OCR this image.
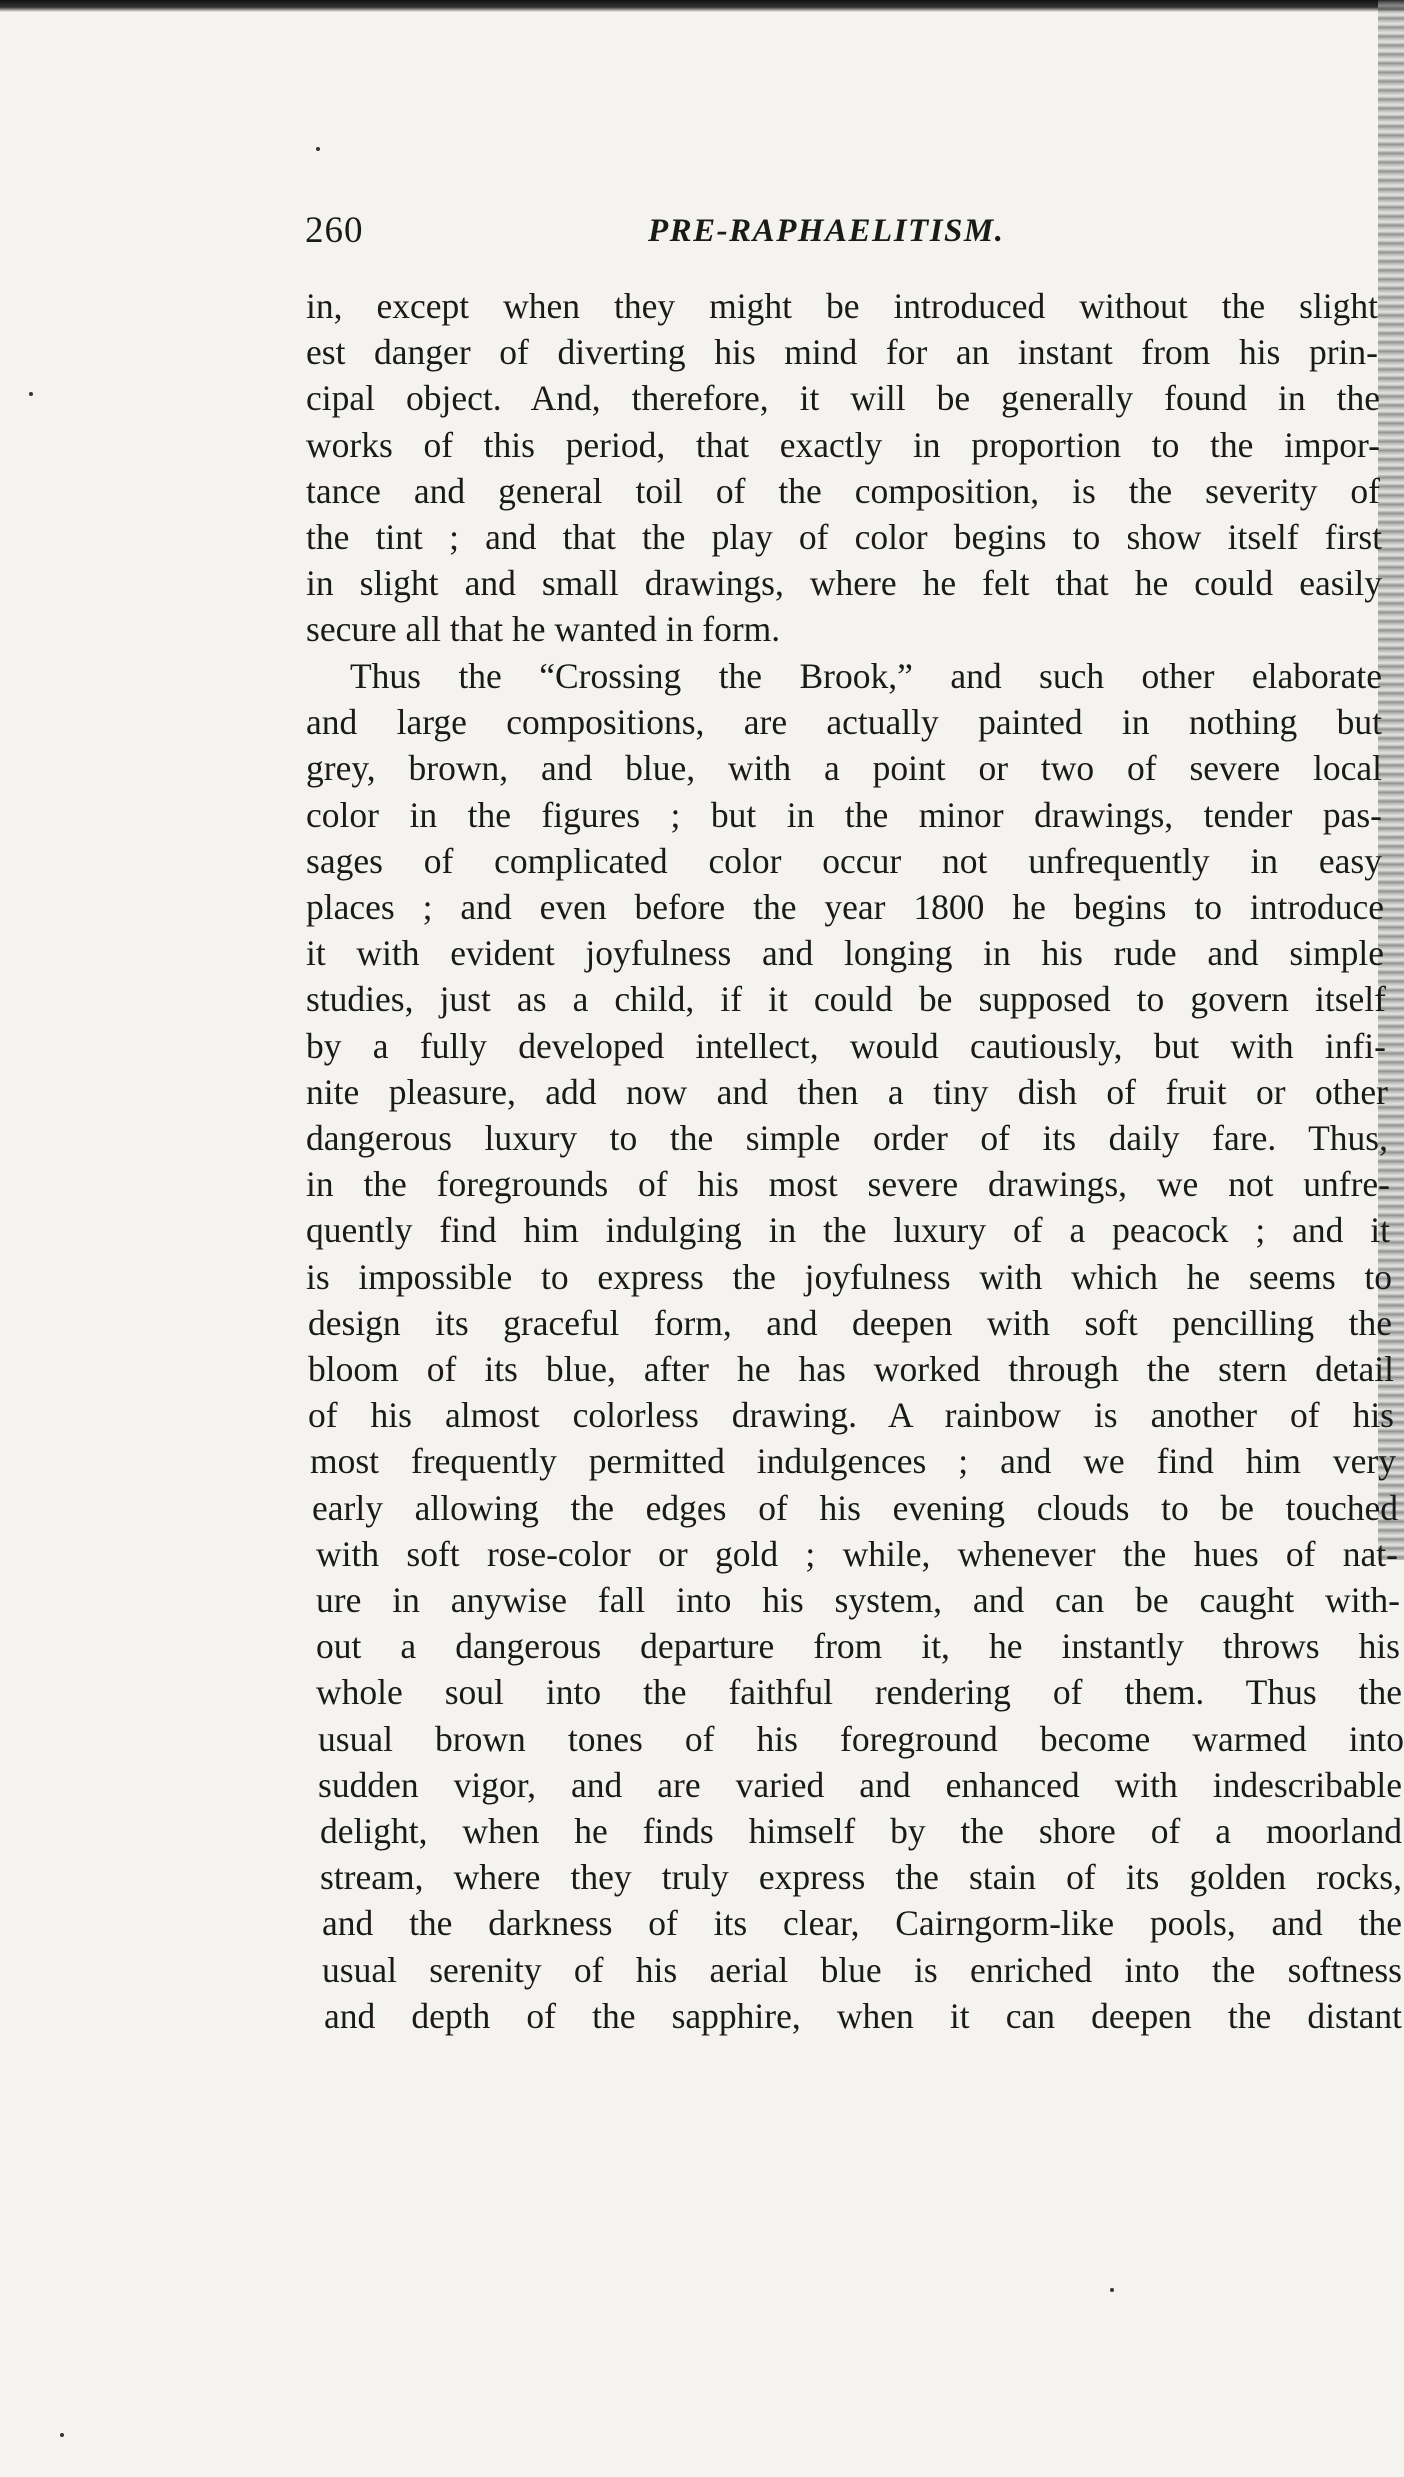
260	PRE-RAPHAELITISM.
in, except when they might be introduced without the slight
est danger of diverting his mind for an instant from his prin-
cipal object. And, therefore, it will be generally found in the
works of this period, that exactly in proportion to the impor-
tance and general toil of the composition, is the severity of
the tint ; and that the play of color begins to show itself first
in slight and small drawings, where he felt that he could easily
secure all that he wanted in form.
Thus the “Crossing the Brook,” and such other elaborate
and large compositions, are actually painted in nothing but
grey, brown, and blue, with a point or two of severe local
color in the figures ; but in the minor drawings, tender pas-
sages of complicated color occur not unfrequently in easy
places ; and even before the year 1800 he begins to introduce
it with evident joyfulness and longing in his rude and simple
studies, just as a child, if it could be supposed to govern itself
by a fully developed intellect, would cautiously, but with infi-
nite pleasure, add now and then a tiny dish of fruit or other
dangerous luxury to the simple order of its daily fare. Thus,
in the foregrounds of his most severe drawings, we not unfre-
quently find him indulging in the luxury of a peacock ; and it
is impossible to express the joyfulness with which he seems to
design its graceful form, and deepen with soft pencilling the
bloom of its blue, after he has worked through the stern detail
of his almost colorless drawing. A rainbow is another of his
most frequently permitted indulgences ; and we find him very
early allowing the edges of his evening clouds to be touched
with soft rose-color or gold ; while, whenever the hues of nat-
ure in anywise fall into his system, and can be caught with-
out a dangerous departure from it, he instantly throws his
whole soul into the faithful rendering of them. Thus the
usual brown tones of his foreground become warmed into
sudden vigor, and are varied and enhanced with indescribable
delight, when he finds himself by the shore of a moorland
stream, where they truly express the stain of its golden rocks,
and the darkness of its clear, Cairngorm-like pools, and the
usual serenity of his aerial blue is enriched into the softness
and depth of the sapphire, when it can deepen the distant
